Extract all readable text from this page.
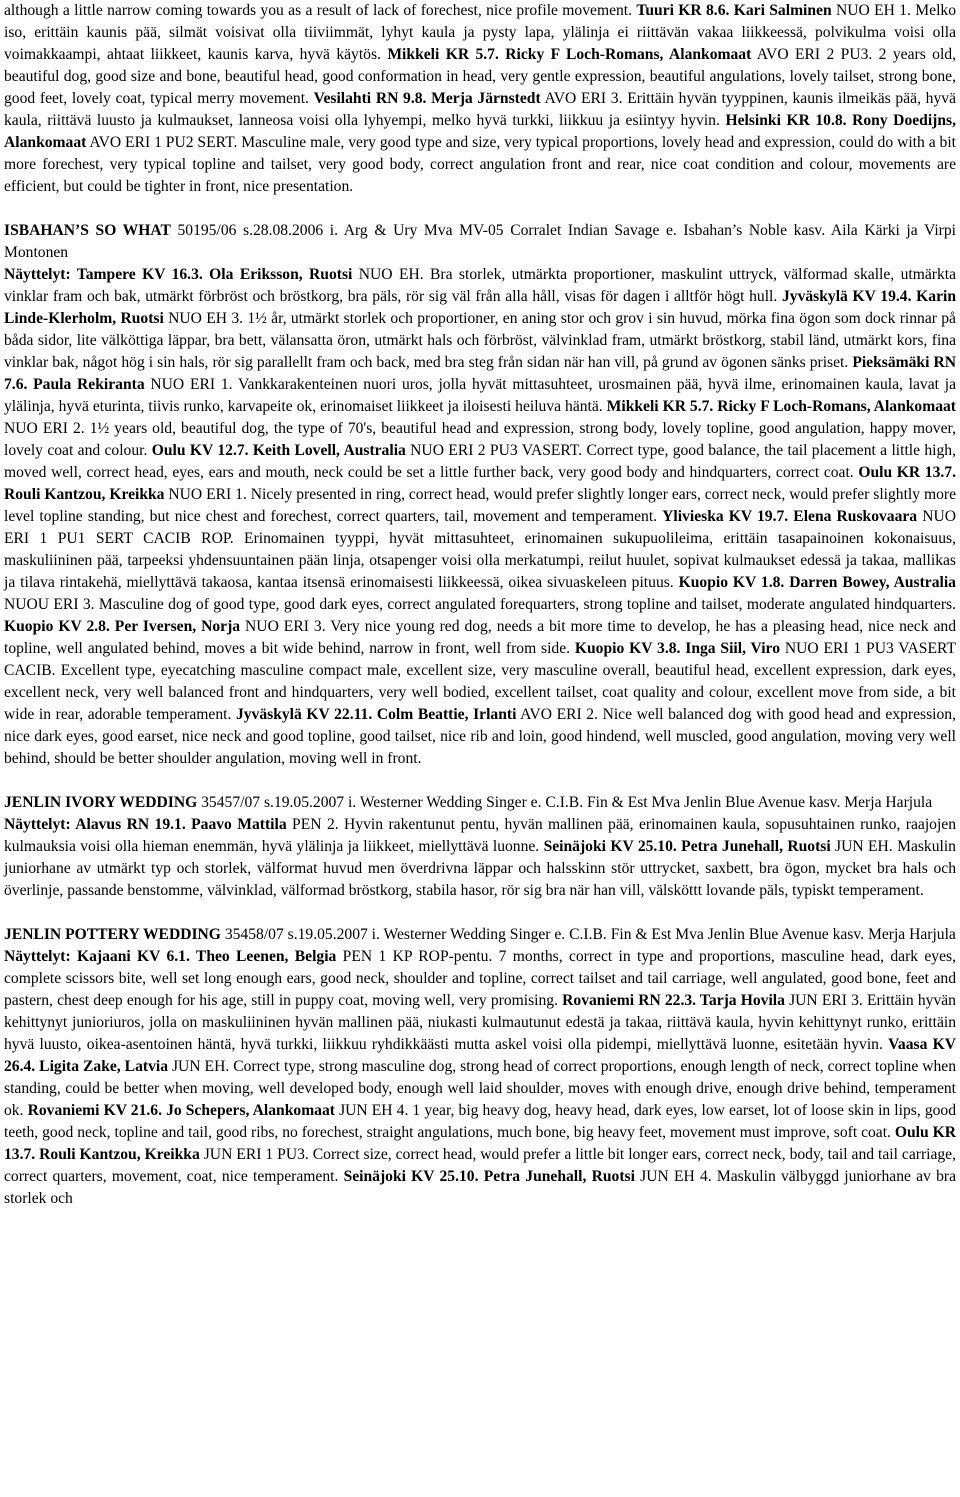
although a little narrow coming towards you as a result of lack of forechest, nice profile movement. Tuuri KR 8.6. Kari Salminen NUO EH 1. Melko iso, erittäin kaunis pää, silmät voisivat olla tiiviimmät, lyhyt kaula ja pysty lapa, ylälinja ei riittävän vakaa liikkeessä, polvikulma voisi olla voimakkaampi, ahtaat liikkeet, kaunis karva, hyvä käytös. Mikkeli KR 5.7. Ricky F Loch-Romans, Alankomaat AVO ERI 2 PU3. 2 years old, beautiful dog, good size and bone, beautiful head, good conformation in head, very gentle expression, beautiful angulations, lovely tailset, strong bone, good feet, lovely coat, typical merry movement. Vesilahti RN 9.8. Merja Järnstedt AVO ERI 3. Erittäin hyvän tyyppinen, kaunis ilmeikäs pää, hyvä kaula, riittävä luusto ja kulmaukset, lanneosa voisi olla lyhyempi, melko hyvä turkki, liikkuu ja esiintyy hyvin. Helsinki KR 10.8. Rony Doedijns, Alankomaat AVO ERI 1 PU2 SERT. Masculine male, very good type and size, very typical proportions, lovely head and expression, could do with a bit more forechest, very typical topline and tailset, very good body, correct angulation front and rear, nice coat condition and colour, movements are efficient, but could be tighter in front, nice presentation.

ISBAHAN’S SO WHAT 50195/06 s.28.08.2006 i. Arg & Ury Mva MV-05 Corralet Indian Savage e. Isbahan’s Noble kasv. Aila Kärki ja Virpi Montonen

Näyttelyt: Tampere KV 16.3. Ola Eriksson, Ruotsi NUO EH. Bra storlek, utmärkta proportioner, maskulint uttryck, välformad skalle, utmärkta vinklar fram och bak, utmärkt förbröst och bröstkorg, bra päls, rör sig väl från alla håll, visas för dagen i alltför högt hull. Jyväskylä KV 19.4. Karin Linde-Klerholm, Ruotsi NUO EH 3. 1½ år, utmärkt storlek och proportioner, en aning stor och grov i sin huvud, mörka fina ögon som dock rinnar på båda sidor, lite välköttiga läppar, bra bett, välansatta öron, utmärkt hals och förbröst, välvinklad fram, utmärkt bröstkorg, stabil länd, utmärkt kors, fina vinklar bak, något hög i sin hals, rör sig parallellt fram och back, med bra steg från sidan när han vill, på grund av ögonen sänks priset. Pieksämäki RN 7.6. Paula Rekiranta NUO ERI 1. Vankkarakenteinen nuori uros, jolla hyvät mittasuhteet, urosmainen pää, hyvä ilme, erinomainen kaula, lavat ja ylälinja, hyvä eturinta, tiivis runko, karvapeite ok, erinomaiset liikkeet ja iloisesti heiluva häntä. Mikkeli KR 5.7. Ricky F Loch-Romans, Alankomaat NUO ERI 2. 1½ years old, beautiful dog, the type of 70's, beautiful head and expression, strong body, lovely topline, good angulation, happy mover, lovely coat and colour. Oulu KV 12.7. Keith Lovell, Australia NUO ERI 2 PU3 VASERT. Correct type, good balance, the tail placement a little high, moved well, correct head, eyes, ears and mouth, neck could be set a little further back, very good body and hindquarters, correct coat. Oulu KR 13.7. Rouli Kantzou, Kreikka NUO ERI 1. Nicely presented in ring, correct head, would prefer slightly longer ears, correct neck, would prefer slightly more level topline standing, but nice chest and forechest, correct quarters, tail, movement and temperament. Ylivieska KV 19.7. Elena Ruskovaara NUO ERI 1 PU1 SERT CACIB ROP. Erinomainen tyyppi, hyvät mittasuhteet, erinomainen sukupuolileima, erittäin tasapainoinen kokonaisuus, maskuliininen pää, tarpeeksi yhdensuuntainen pään linja, otsapenger voisi olla merkatumpi, reilut huulet, sopivat kulmaukset edessä ja takaa, mallikas ja tilava rintakehä, miellyttävä takaosa, kantaa itsensä erinomaisesti liikkeessä, oikea sivuaskeleen pituus. Kuopio KV 1.8. Darren Bowey, Australia NUOU ERI 3. Masculine dog of good type, good dark eyes, correct angulated forequarters, strong topline and tailset, moderate angulated hindquarters. Kuopio KV 2.8. Per Iversen, Norja NUO ERI 3. Very nice young red dog, needs a bit more time to develop, he has a pleasing head, nice neck and topline, well angulated behind, moves a bit wide behind, narrow in front, well from side. Kuopio KV 3.8. Inga Siil, Viro NUO ERI 1 PU3 VASERT CACIB. Excellent type, eyecatching masculine compact male, excellent size, very masculine overall, beautiful head, excellent expression, dark eyes, excellent neck, very well balanced front and hindquarters, very well bodied, excellent tailset, coat quality and colour, excellent move from side, a bit wide in rear, adorable temperament. Jyväskylä KV 22.11. Colm Beattie, Irlanti AVO ERI 2. Nice well balanced dog with good head and expression, nice dark eyes, good earset, nice neck and good topline, good tailset, nice rib and loin, good hindend, well muscled, good angulation, moving very well behind, should be better shoulder angulation, moving well in front.

JENLIN IVORY WEDDING 35457/07 s.19.05.2007 i. Westerner Wedding Singer e. C.I.B. Fin & Est Mva Jenlin Blue Avenue kasv. Merja Harjula

Näyttelyt: Alavus RN 19.1. Paavo Mattila PEN 2. Hyvin rakentunut pentu, hyvän mallinen pää, erinomainen kaula, sopusuhtainen runko, raajojen kulmauksia voisi olla hieman enemmän, hyvä ylälinja ja liikkeet, miellyttävä luonne. Seinäjoki KV 25.10. Petra Junehall, Ruotsi JUN EH. Maskulin juniorhane av utmärkt typ och storlek, välformat huvud men överdrivna läppar och halsskinn stör uttrycket, saxbett, bra ögon, mycket bra hals och överlinje, passande benstomme, välvinklad, välformad bröstkorg, stabila hasor, rör sig bra när han vill, välsköttt lovande päls, typiskt temperament.

JENLIN POTTERY WEDDING 35458/07 s.19.05.2007 i. Westerner Wedding Singer e. C.I.B. Fin & Est Mva Jenlin Blue Avenue kasv. Merja Harjula

Näyttelyt: Kajaani KV 6.1. Theo Leenen, Belgia PEN 1 KP ROP-pentu. 7 months, correct in type and proportions, masculine head, dark eyes, complete scissors bite, well set long enough ears, good neck, shoulder and topline, correct tailset and tail carriage, well angulated, good bone, feet and pastern, chest deep enough for his age, still in puppy coat, moving well, very promising. Rovaniemi RN 22.3. Tarja Hovila JUN ERI 3. Erittäin hyvän kehittynyt junioriuros, jolla on maskuliininen hyvän mallinen pää, niukasti kulmautunut edestä ja takaa, riittävä kaula, hyvin kehittynyt runko, erittäin hyvä luusto, oikea-asentoinen häntä, hyvä turkki, liikkuu ryhdikkäästi mutta askel voisi olla pidempi, miellyttävä luonne, esitetään hyvin. Vaasa KV 26.4. Ligita Zake, Latvia JUN EH. Correct type, strong masculine dog, strong head of correct proportions, enough length of neck, correct topline when standing, could be better when moving, well developed body, enough well laid shoulder, moves with enough drive, enough drive behind, temperament ok. Rovaniemi KV 21.6. Jo Schepers, Alankomaat JUN EH 4. 1 year, big heavy dog, heavy head, dark eyes, low earset, lot of loose skin in lips, good teeth, good neck, topline and tail, good ribs, no forechest, straight angulations, much bone, big heavy feet, movement must improve, soft coat. Oulu KR 13.7. Rouli Kantzou, Kreikka JUN ERI 1 PU3. Correct size, correct head, would prefer a little bit longer ears, correct neck, body, tail and tail carriage, correct quarters, movement, coat, nice temperament. Seinäjoki KV 25.10. Petra Junehall, Ruotsi JUN EH 4. Maskulin välbyggd juniorhane av bra storlek och
